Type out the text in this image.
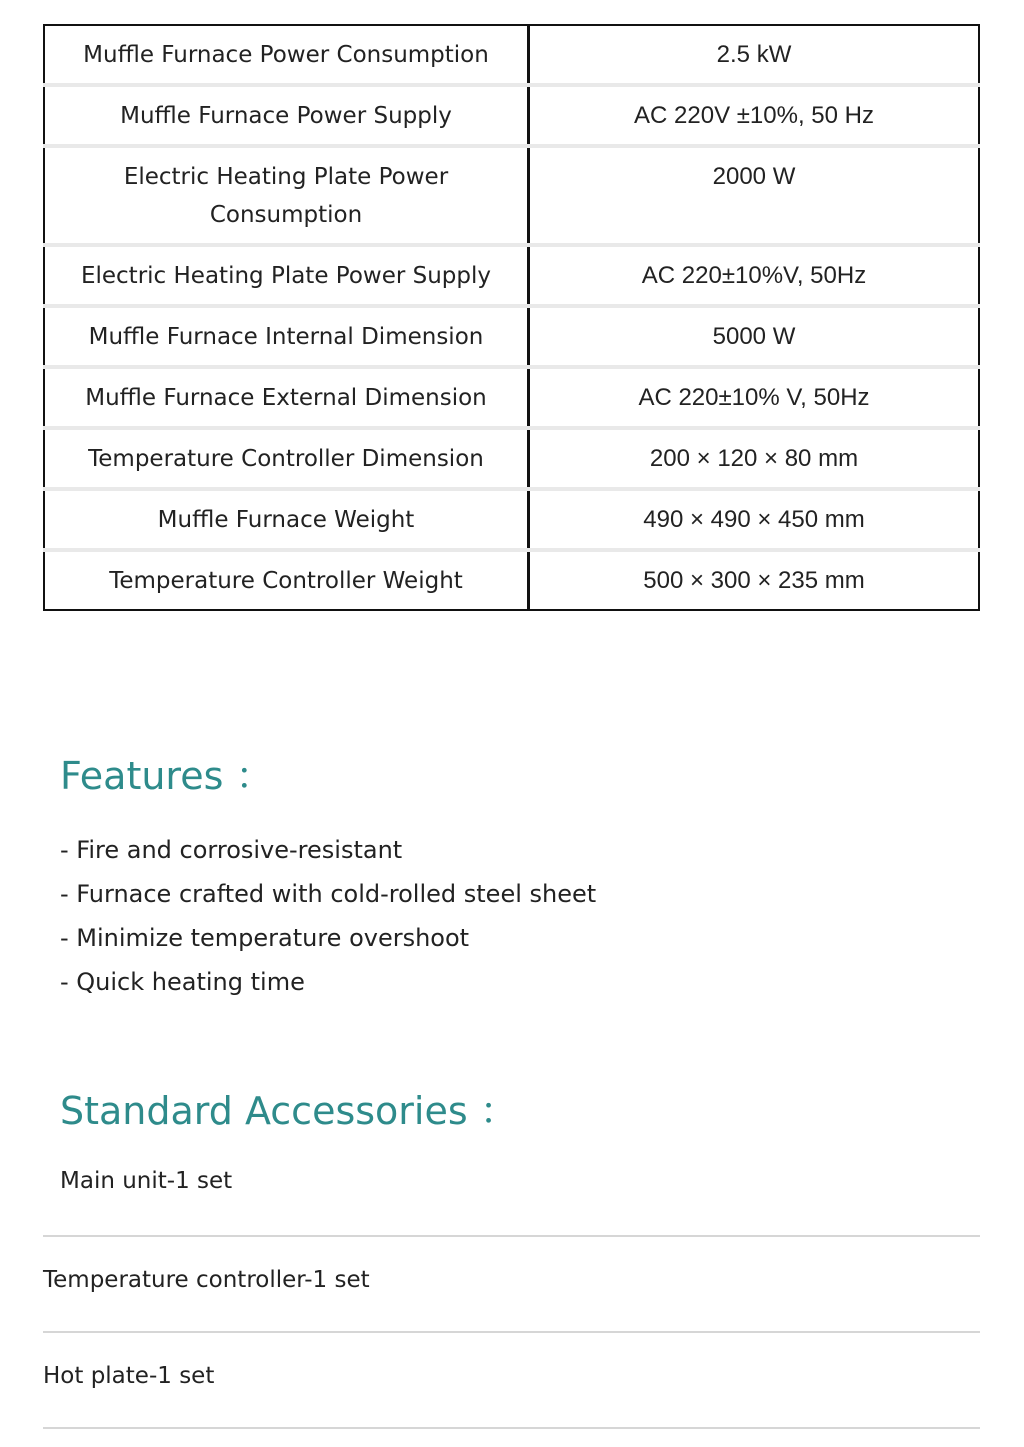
Muffle Furnace Power Consumption	2.5 kW
Muffle Furnace Power Supply	AC 220V ±10%, 50 Hz
Electric Heating Plate Power Consumption	2000 W
Electric Heating Plate Power Supply	AC 220±10%V, 50Hz
Muffle Furnace Internal Dimension	5000 W
Muffle Furnace External Dimension	AC 220±10% V, 50Hz
Temperature Controller Dimension	200 × 120 × 80 mm
Muffle Furnace Weight	490 × 490 × 450 mm
Temperature Controller Weight	500 × 300 × 235 mm
Features ：
- Fire and corrosive-resistant
- Furnace crafted with cold-rolled steel sheet
- Minimize temperature overshoot
- Quick heating time
Standard Accessories ：
Main unit-1 set
Temperature controller-1 set
Hot plate-1 set
